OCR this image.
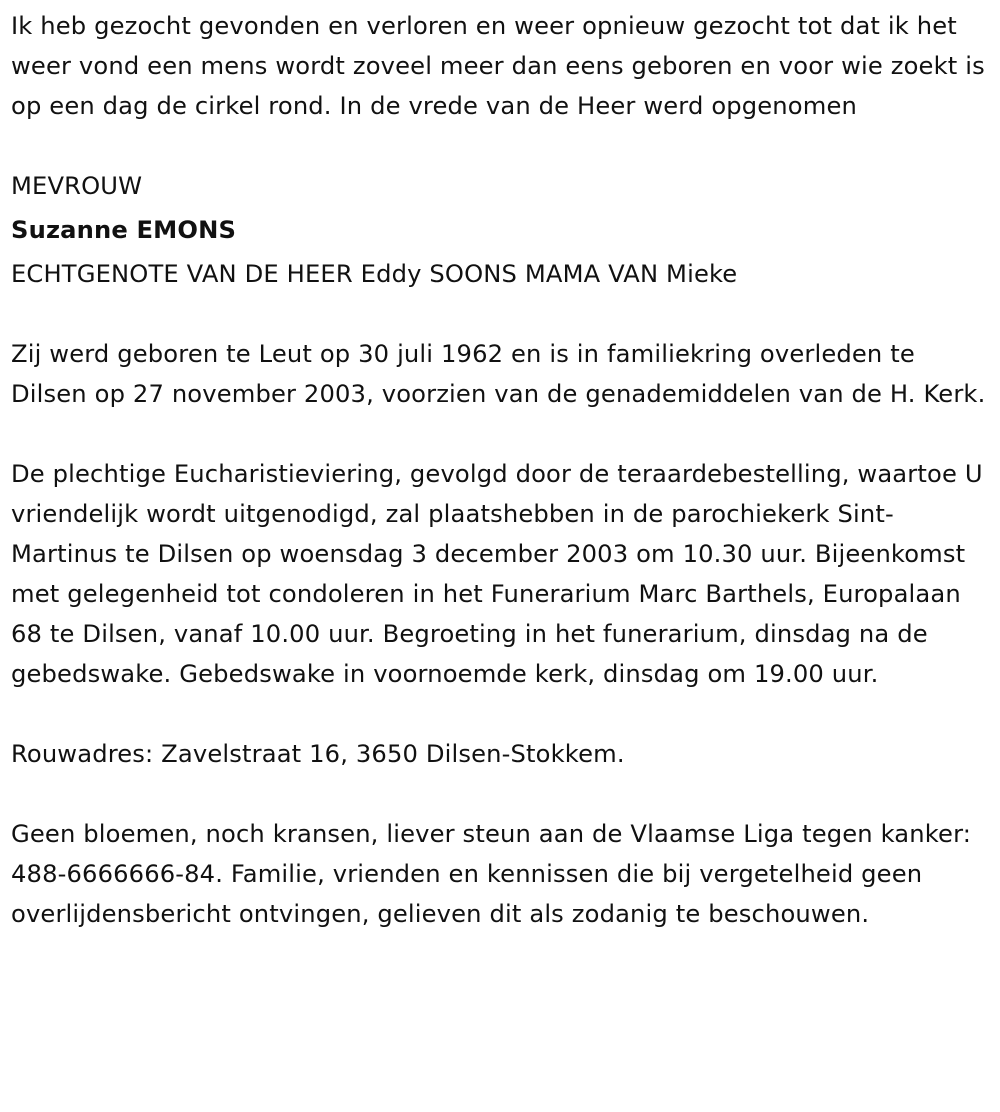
Ik heb gezocht gevonden en verloren en weer opnieuw gezocht tot dat ik het weer vond een mens wordt zoveel meer dan eens geboren en voor wie zoekt is op een dag de cirkel rond. In de vrede van de Heer werd opgenomen

MEVROUW

Suzanne EMONS

ECHTGENOTE VAN DE HEER Eddy SOONS MAMA VAN Mieke

Zij werd geboren te Leut op 30 juli 1962 en is in familiekring overleden te Dilsen op 27 november 2003, voorzien van de genademiddelen van de H. Kerk.

De plechtige Eucharistieviering, gevolgd door de teraardebestelling, waartoe U vriendelijk wordt uitgenodigd, zal plaatshebben in de parochiekerk Sint-Martinus te Dilsen op woensdag 3 december 2003 om 10.30 uur. Bijeenkomst met gelegenheid tot condoleren in het Funerarium Marc Barthels, Europalaan 68 te Dilsen, vanaf 10.00 uur. Begroeting in het funerarium, dinsdag na de gebedswake. Gebedswake in voornoemde kerk, dinsdag om 19.00 uur.

Rouwadres: Zavelstraat 16, 3650 Dilsen-Stokkem.

Geen bloemen, noch kransen, liever steun aan de Vlaamse Liga tegen kanker: 488-6666666-84. Familie, vrienden en kennissen die bij vergetelheid geen overlijdensbericht ontvingen, gelieven dit als zodanig te beschouwen.
